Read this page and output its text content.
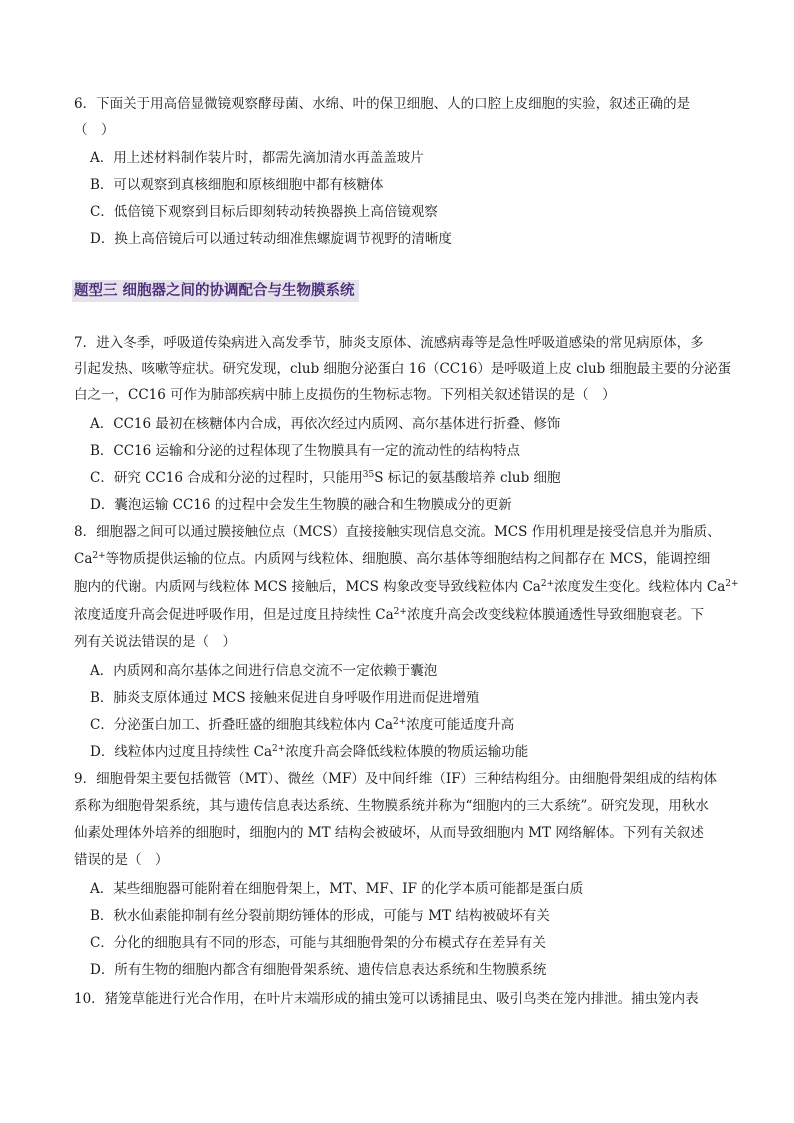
6．下面关于用高倍显微镜观察酵母菌、水绵、叶的保卫细胞、人的口腔上皮细胞的实验，叙述正确的是
（　）
A．用上述材料制作装片时，都需先滴加清水再盖盖玻片
B．可以观察到真核细胞和原核细胞中都有核糖体
C．低倍镜下观察到目标后即刻转动转换器换上高倍镜观察
D．换上高倍镜后可以通过转动细准焦螺旋调节视野的清晰度
题型三 细胞器之间的协调配合与生物膜系统
7．进入冬季，呼吸道传染病进入高发季节，肺炎支原体、流感病毒等是急性呼吸道感染的常见病原体，多
引起发热、咳嗽等症状。研究发现，club 细胞分泌蛋白 16（CC16）是呼吸道上皮 club 细胞最主要的分泌蛋
白之一，CC16 可作为肺部疾病中肺上皮损伤的生物标志物。下列相关叙述错误的是（　）
A．CC16 最初在核糖体内合成，再依次经过内质网、高尔基体进行折叠、修饰
B．CC16 运输和分泌的过程体现了生物膜具有一定的流动性的结构特点
C．研究 CC16 合成和分泌的过程时，只能用$^{35}$S 标记的氨基酸培养 club 细胞
D．囊泡运输 CC16 的过程中会发生生物膜的融合和生物膜成分的更新
8．细胞器之间可以通过膜接触位点（MCS）直接接触实现信息交流。MCS 作用机理是接受信息并为脂质、
$Ca^{2+}$等物质提供运输的位点。内质网与线粒体、细胞膜、高尔基体等细胞结构之间都存在 MCS，能调控细
胞内的代谢。内质网与线粒体 MCS 接触后，MCS 构象改变导致线粒体内 $Ca^{2+}$浓度发生变化。线粒体内 $Ca^{2+}$
浓度适度升高会促进呼吸作用，但是过度且持续性 $Ca^{2+}$浓度升高会改变线粒体膜通透性导致细胞衰老。下
列有关说法错误的是（　）
A．内质网和高尔基体之间进行信息交流不一定依赖于囊泡
B．肺炎支原体通过 MCS 接触来促进自身呼吸作用进而促进增殖
C．分泌蛋白加工、折叠旺盛的细胞其线粒体内 $Ca^{2+}$浓度可能适度升高
D．线粒体内过度且持续性 $Ca^{2+}$浓度升高会降低线粒体膜的物质运输功能
9．细胞骨架主要包括微管（MT）、微丝（MF）及中间纤维（IF）三种结构组分。由细胞骨架组成的结构体
系称为细胞骨架系统，其与遗传信息表达系统、生物膜系统并称为“细胞内的三大系统”。研究发现，用秋水
仙素处理体外培养的细胞时，细胞内的 MT 结构会被破坏，从而导致细胞内 MT 网络解体。下列有关叙述
错误的是（　）
A．某些细胞器可能附着在细胞骨架上，MT、MF、IF 的化学本质可能都是蛋白质
B．秋水仙素能抑制有丝分裂前期纺锤体的形成，可能与 MT 结构被破坏有关
C．分化的细胞具有不同的形态，可能与其细胞骨架的分布模式存在差异有关
D．所有生物的细胞内都含有细胞骨架系统、遗传信息表达系统和生物膜系统
10．猪笼草能进行光合作用，在叶片末端形成的捕虫笼可以诱捕昆虫、吸引鸟类在笼内排泄。捕虫笼内表
